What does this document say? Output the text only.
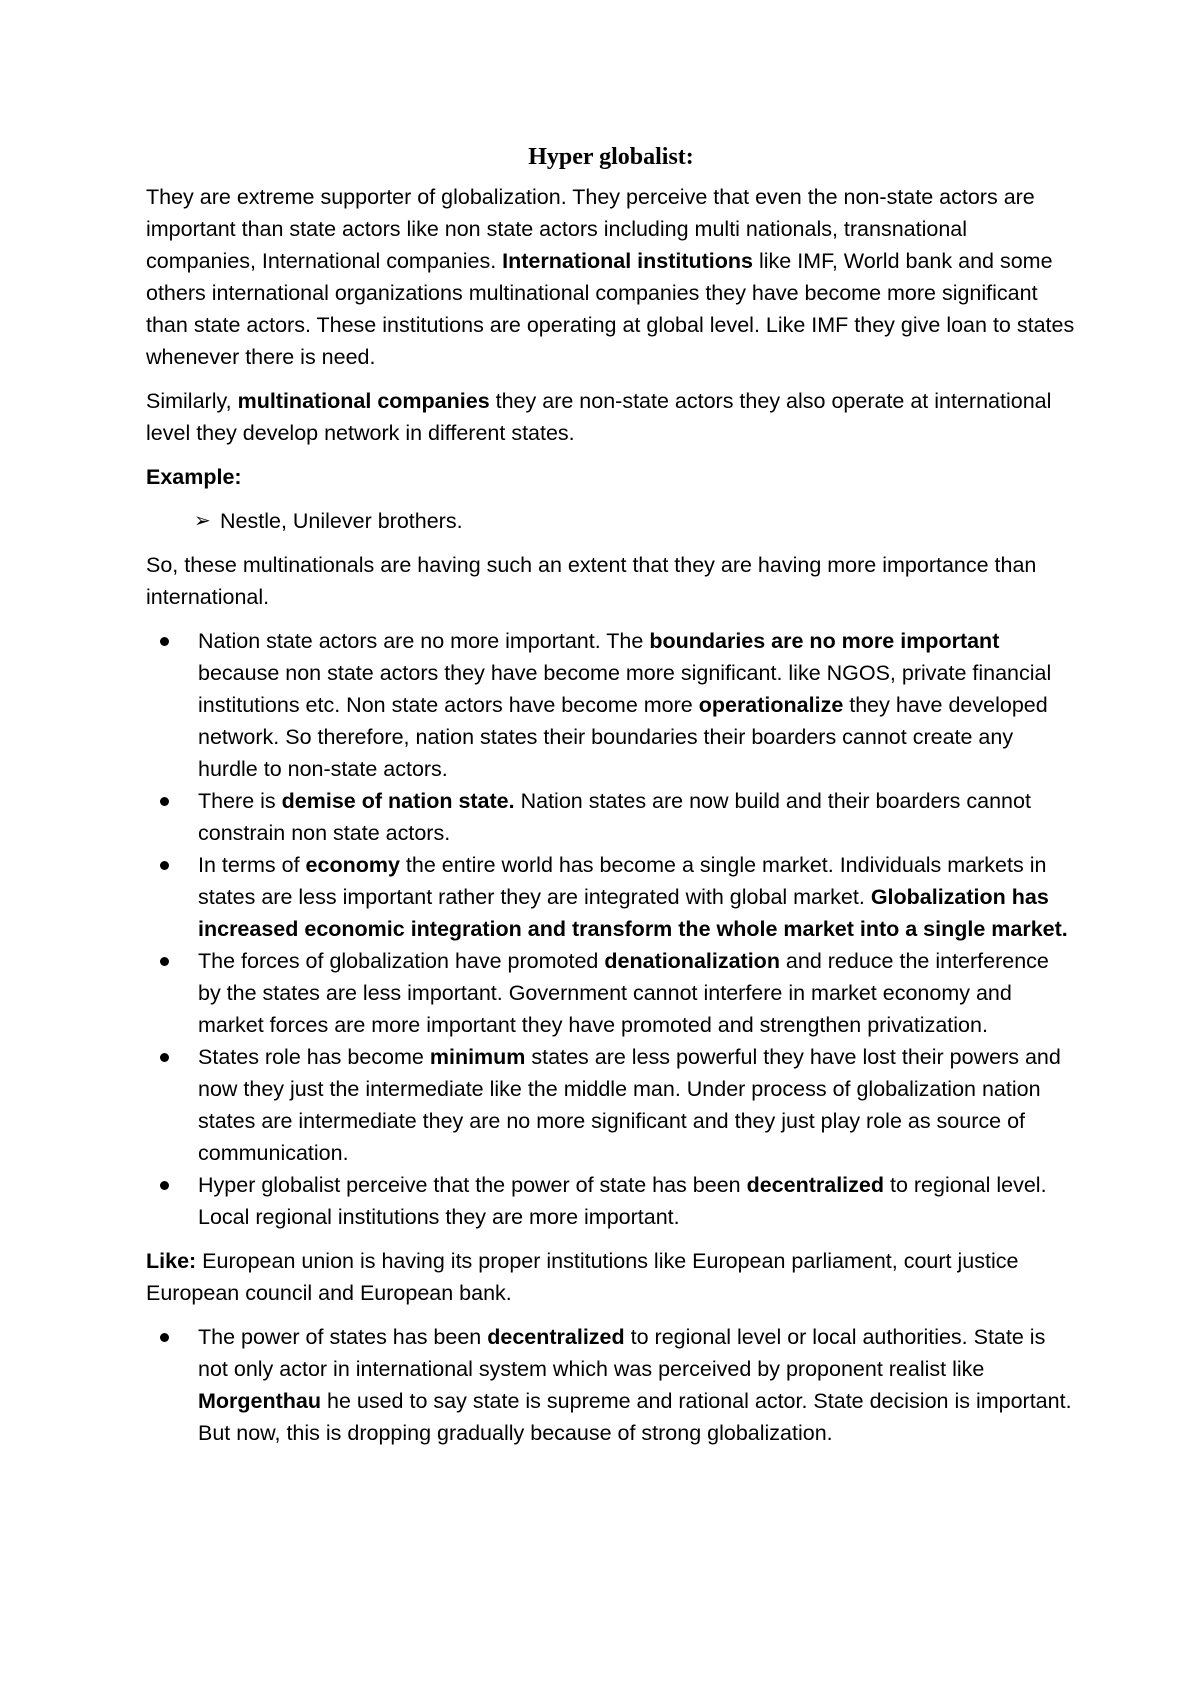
Hyper globalist:

They are extreme supporter of globalization. They perceive that even the non-state actors are important than state actors like non state actors including multi nationals, transnational companies, International companies. International institutions like IMF, World bank and some others international organizations multinational companies they have become more significant than state actors. These institutions are operating at global level. Like IMF they give loan to states whenever there is need.

Similarly, multinational companies they are non-state actors they also operate at international level they develop network in different states.

Example:

➢ Nestle, Unilever brothers.

So, these multinationals are having such an extent that they are having more importance than international.

Nation state actors are no more important. The boundaries are no more important because non state actors they have become more significant. like NGOS, private financial institutions etc. Non state actors have become more operationalize they have developed network. So therefore, nation states their boundaries their boarders cannot create any hurdle to non-state actors.
There is demise of nation state. Nation states are now build and their boarders cannot constrain non state actors.
In terms of economy the entire world has become a single market. Individuals markets in states are less important rather they are integrated with global market. Globalization has increased economic integration and transform the whole market into a single market.
The forces of globalization have promoted denationalization and reduce the interference by the states are less important. Government cannot interfere in market economy and market forces are more important they have promoted and strengthen privatization.
States role has become minimum states are less powerful they have lost their powers and now they just the intermediate like the middle man. Under process of globalization nation states are intermediate they are no more significant and they just play role as source of communication.
Hyper globalist perceive that the power of state has been decentralized to regional level. Local regional institutions they are more important.

Like: European union is having its proper institutions like European parliament, court justice European council and European bank.

The power of states has been decentralized to regional level or local authorities. State is not only actor in international system which was perceived by proponent realist like Morgenthau he used to say state is supreme and rational actor. State decision is important. But now, this is dropping gradually because of strong globalization.
